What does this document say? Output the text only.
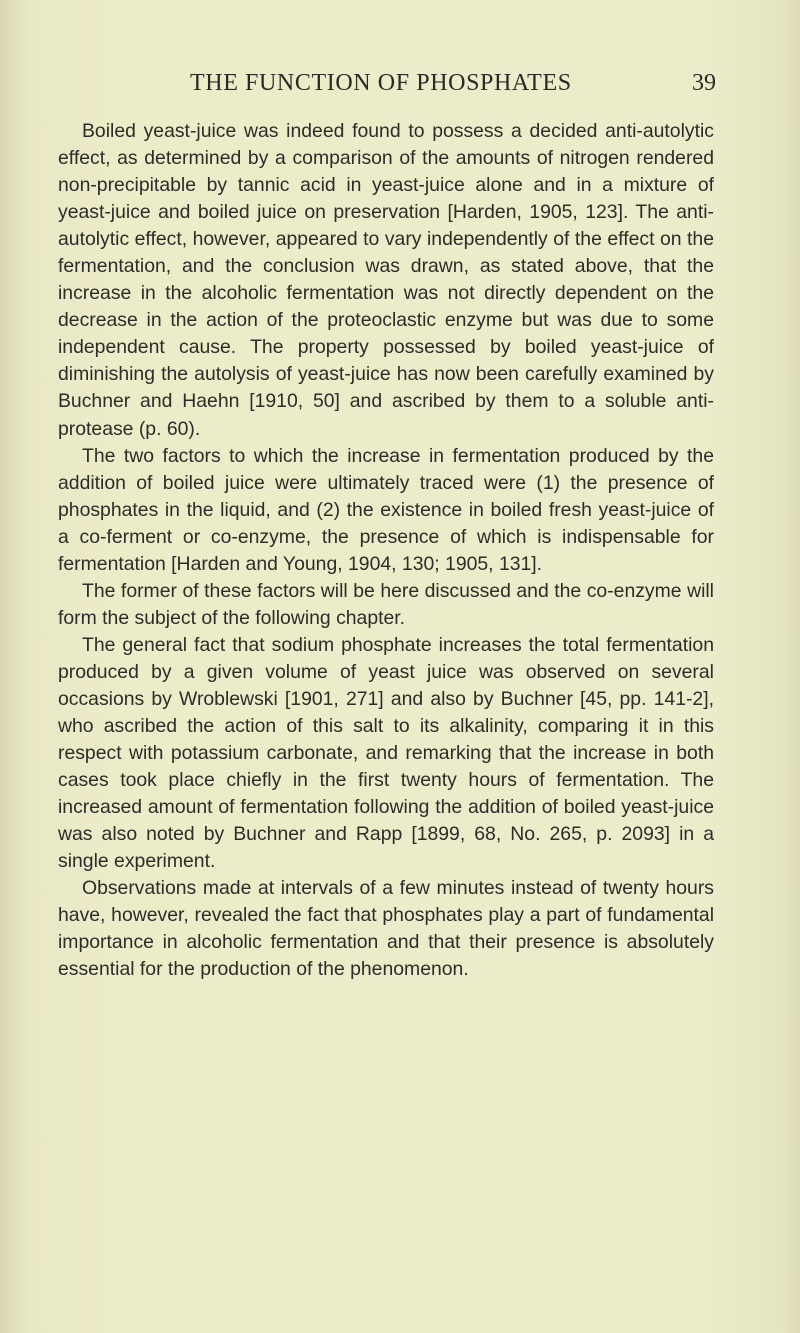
THE FUNCTION OF PHOSPHATES	39

Boiled yeast-juice was indeed found to possess a decided anti-autolytic effect, as determined by a comparison of the amounts of nitrogen rendered non-precipitable by tannic acid in yeast-juice alone and in a mixture of yeast-juice and boiled juice on preservation [Harden, 1905, 123]. The anti-autolytic effect, however, appeared to vary independently of the effect on the fermentation, and the conclusion was drawn, as stated above, that the increase in the alcoholic fermentation was not directly dependent on the decrease in the action of the proteoclastic enzyme but was due to some independent cause. The property possessed by boiled yeast-juice of diminishing the autolysis of yeast-juice has now been carefully examined by Buchner and Haehn [1910, 50] and ascribed by them to a soluble anti-protease (p. 60).

The two factors to which the increase in fermentation produced by the addition of boiled juice were ultimately traced were (1) the presence of phosphates in the liquid, and (2) the existence in boiled fresh yeast-juice of a co-ferment or co-enzyme, the presence of which is indispensable for fermentation [Harden and Young, 1904, 130; 1905, 131].

The former of these factors will be here discussed and the co-enzyme will form the subject of the following chapter.

The general fact that sodium phosphate increases the total fermentation produced by a given volume of yeast juice was observed on several occasions by Wroblewski [1901, 271] and also by Buchner [45, pp. 141-2], who ascribed the action of this salt to its alkalinity, comparing it in this respect with potassium carbonate, and remarking that the increase in both cases took place chiefly in the first twenty hours of fermentation. The increased amount of fermentation following the addition of boiled yeast-juice was also noted by Buchner and Rapp [1899, 68, No. 265, p. 2093] in a single experiment.

Observations made at intervals of a few minutes instead of twenty hours have, however, revealed the fact that phosphates play a part of fundamental importance in alcoholic fermentation and that their presence is absolutely essential for the production of the phenomenon.
